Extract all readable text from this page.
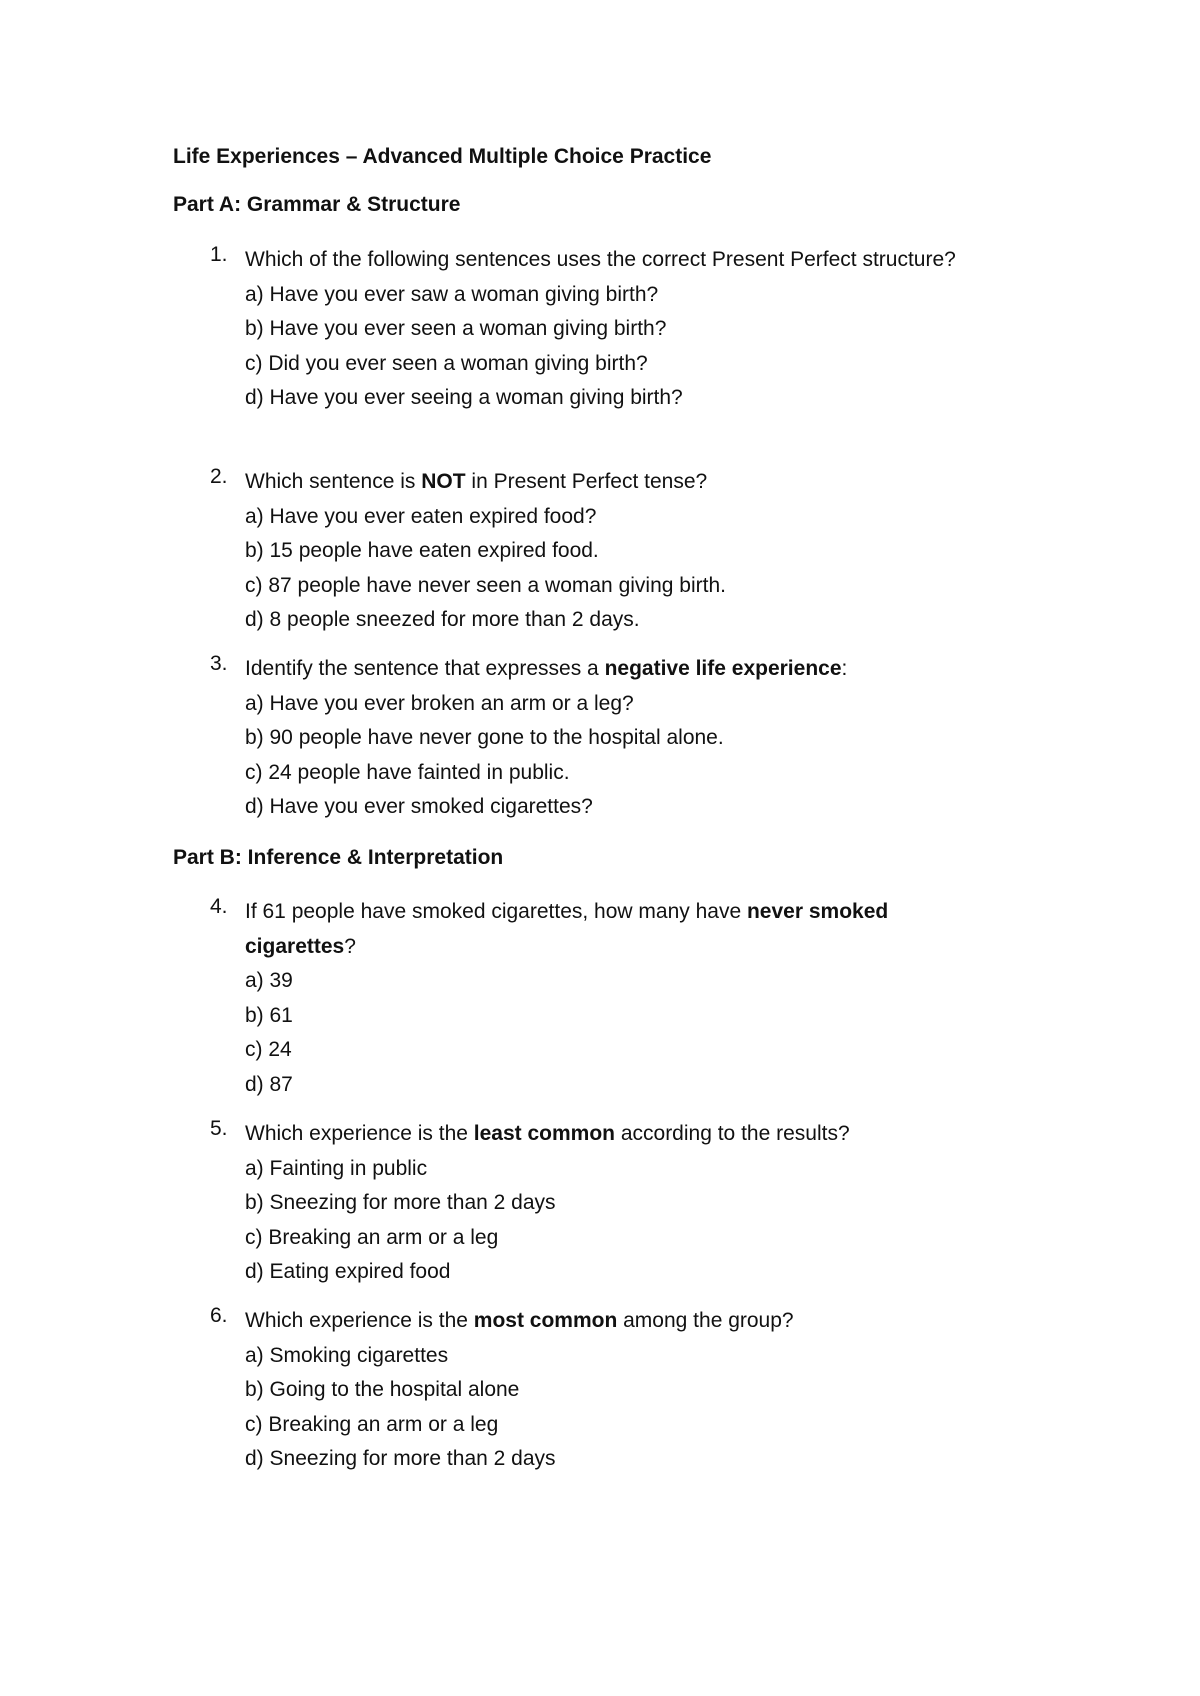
Life Experiences – Advanced Multiple Choice Practice
Part A: Grammar & Structure
1. Which of the following sentences uses the correct Present Perfect structure?
a) Have you ever saw a woman giving birth?
b) Have you ever seen a woman giving birth?
c) Did you ever seen a woman giving birth?
d) Have you ever seeing a woman giving birth?
2. Which sentence is NOT in Present Perfect tense?
a) Have you ever eaten expired food?
b) 15 people have eaten expired food.
c) 87 people have never seen a woman giving birth.
d) 8 people sneezed for more than 2 days.
3. Identify the sentence that expresses a negative life experience:
a) Have you ever broken an arm or a leg?
b) 90 people have never gone to the hospital alone.
c) 24 people have fainted in public.
d) Have you ever smoked cigarettes?
Part B: Inference & Interpretation
4. If 61 people have smoked cigarettes, how many have never smoked cigarettes?
a) 39
b) 61
c) 24
d) 87
5. Which experience is the least common according to the results?
a) Fainting in public
b) Sneezing for more than 2 days
c) Breaking an arm or a leg
d) Eating expired food
6. Which experience is the most common among the group?
a) Smoking cigarettes
b) Going to the hospital alone
c) Breaking an arm or a leg
d) Sneezing for more than 2 days
